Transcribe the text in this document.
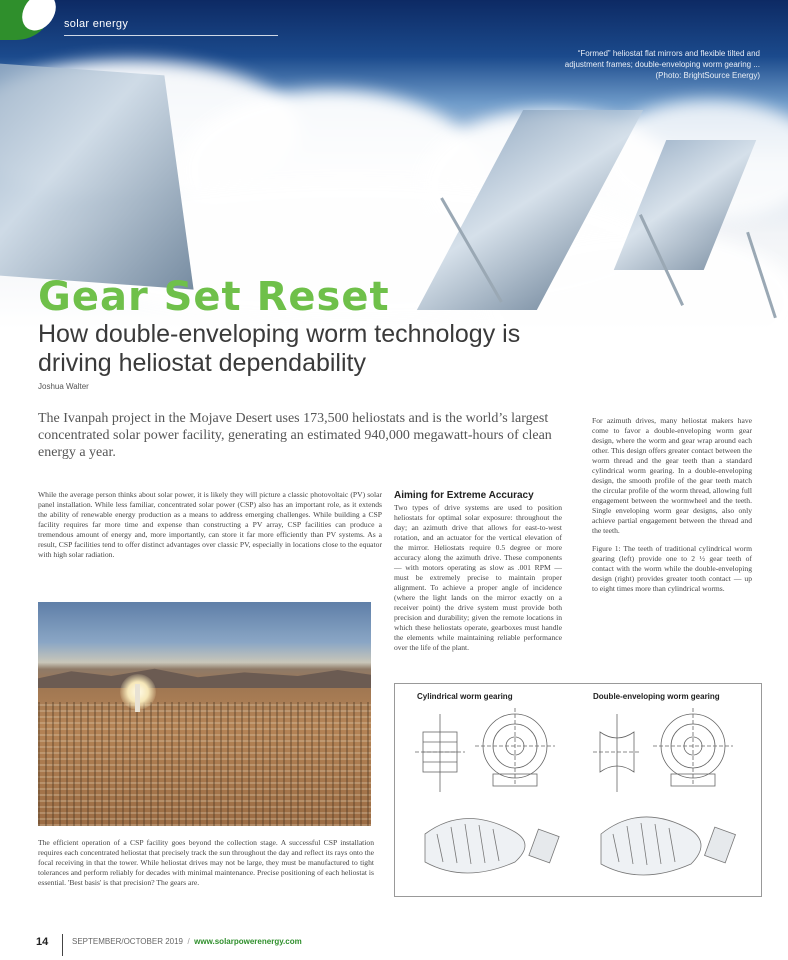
solar energy
“Formed” heliostat flat mirrors and flexible tilted and adjustment frames; double-enveloping worm gearing ... (Photo: BrightSource Energy)
Gear Set Reset
How double-enveloping worm technology is driving heliostat dependability
Joshua Walter
The Ivanpah project in the Mojave Desert uses 173,500 heliostats and is the world’s largest concentrated solar power facility, generating an estimated 940,000 megawatt-hours of clean energy a year.
While the average person thinks about solar power, it is likely they will picture a classic photovoltaic (PV) solar panel installation. While less familiar, concentrated solar power (CSP) also has an important role, as it extends the ability of renewable energy production as a means to address emerging challenges. While building a CSP facility requires far more time and expense than constructing a PV array, CSP facilities can produce a tremendous amount of energy and, more importantly, can store it far more efficiently than PV systems. As a result, CSP facilities tend to offer distinct advantages over classic PV, especially in locations close to the equator with high solar radiation.
Aiming for Extreme Accuracy
Two types of drive systems are used to position heliostats for optimal solar exposure: throughout the day; an azimuth drive that allows for east-to-west rotation, and an actuator for the vertical elevation of the mirror. Heliostats require 0.5 degree or more accuracy along the azimuth drive. These components — with motors operating as slow as .001 RPM — must be extremely precise to maintain proper alignment. To achieve a proper angle of incidence (where the light lands on the mirror exactly on a receiver point) the drive system must provide both precision and durability; given the remote locations in which these heliostats operate, gearboxes must handle the elements while maintaining reliable performance over the life of the plant.
For azimuth drives, many heliostat makers have come to favor a double-enveloping worm gear design, where the worm and gear wrap around each other. This design offers greater contact between the worm thread and the gear teeth than a standard cylindrical worm gearing. In a double-enveloping design, the smooth profile of the gear teeth match the circular profile of the worm thread, allowing full engagement between the wormwheel and the teeth. Single enveloping worm gear designs, also only achieve partial engagement between the thread and the teeth.
Figure 1: The teeth of traditional cylindrical worm gearing (left) provide one to 2 ½ gear teeth of contact with the worm while the double-enveloping design (right) provides greater tooth contact — up to eight times more than cylindrical worms.
The efficient operation of a CSP facility goes beyond the collection stage. A successful CSP installation requires each concentrated heliostat that precisely track the sun throughout the day and reflect its rays onto the focal receiving in that the tower. While heliostat drives may not be large, they must be manufactured to tight tolerances and perform reliably for decades with minimal maintenance. Precise positioning of each heliostat is essential. 'Best basis' is that precision? The gears are.
Cylindrical worm gearing	Double-enveloping worm gearing
14	SEPTEMBER/OCTOBER 2019  /  www.solarpowerenergy.com
